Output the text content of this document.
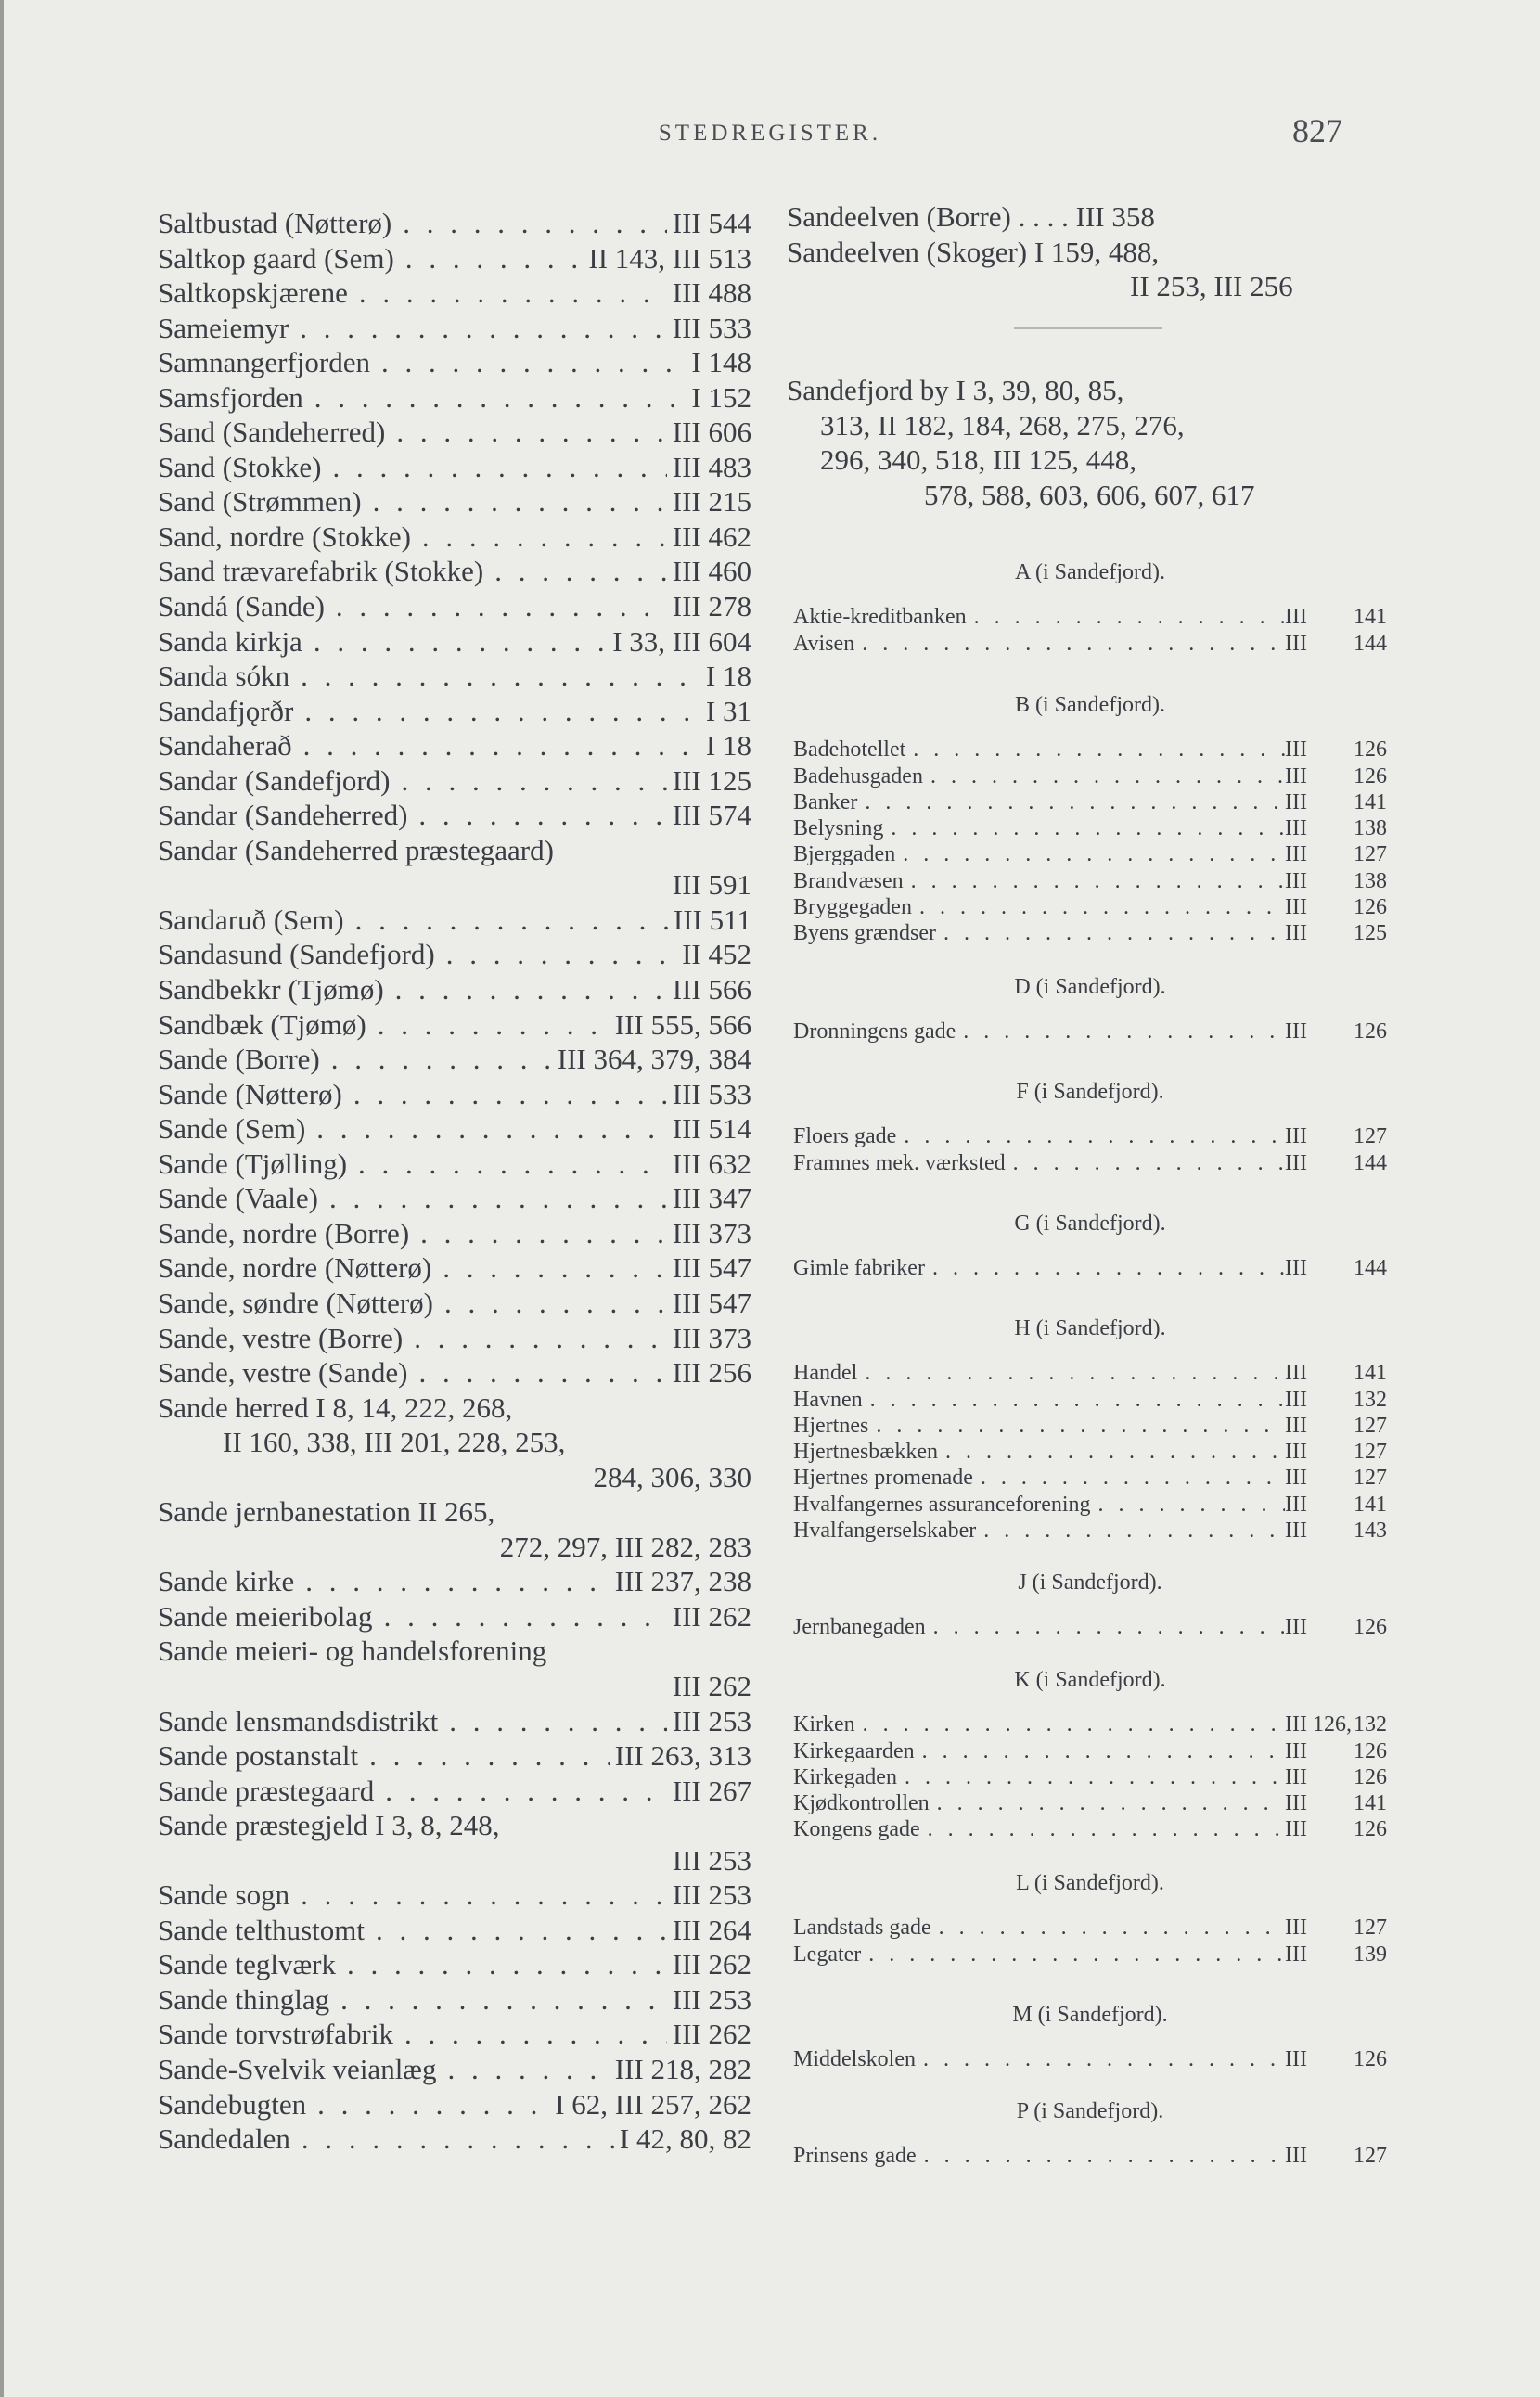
STEDREGISTER.	827
Saltbustad (Nøtterø) . . .	III 544
Saltkop gaard (Sem) . . .	II 143, III 513
Saltkopskjærene . . .	III 488
Sameiemyr . . .	III 533
Samnangerfjorden . . .	I 148
Samsfjorden . . .	I 152
Sand (Sandeherred) . . .	III 606
Sand (Stokke) . . .	III 483
Sand (Strømmen) . . .	III 215
Sand, nordre (Stokke) . . .	III 462
Sand trævarefabrik (Stokke) . . .	III 460
Sandá (Sande) . . .	III 278
Sanda kirkja . . .	I 33, III 604
Sanda sókn . . .	I 18
Sandafjǫrðr . . .	I 31
Sandaherað . . .	I 18
Sandar (Sandefjord) . . .	III 125
Sandar (Sandeherred) . . .	III 574
Sandar (Sandeherred præstegaard)
III 591
Sandaruð (Sem) . . .	III 511
Sandasund (Sandefjord) . . .	II 452
Sandbekkr (Tjømø) . . .	III 566
Sandbæk (Tjømø) . . .	III 555, 566
Sande (Borre) . . .	III 364, 379, 384
Sande (Nøtterø) . . .	III 533
Sande (Sem) . . .	III 514
Sande (Tjølling) . . .	III 632
Sande (Vaale) . . .	III 347
Sande, nordre (Borre) . . .	III 373
Sande, nordre (Nøtterø) . . .	III 547
Sande, søndre (Nøtterø) . . .	III 547
Sande, vestre (Borre) . . .	III 373
Sande, vestre (Sande) . . .	III 256
Sande herred I 8, 14, 222, 268,
II 160, 338, III 201, 228, 253,
284, 306, 330
Sande jernbanestation II 265,
272, 297, III 282, 283
Sande kirke . . .	III 237, 238
Sande meieribolag . . .	III 262
Sande meieri- og handelsforening
III 262
Sande lensmandsdistrikt . . .	III 253
Sande postanstalt . . .	III 263, 313
Sande præstegaard . . .	III 267
Sande præstegjeld I 3, 8, 248,
III 253
Sande sogn . . .	III 253
Sande telthustomt . . .	III 264
Sande teglværk . . .	III 262
Sande thinglag . . .	III 253
Sande torvstrøfabrik . . .	III 262
Sande-Svelvik veianlæg . . .	III 218, 282
Sandebugten . . .	I 62, III 257, 262
Sandedalen . . .	I 42, 80, 82
Sandeelven (Borre) . . . . III 358
Sandeelven (Skoger) I 159, 488,
II 253, III 256
Sandefjord by I 3, 39, 80, 85,
313, II 182, 184, 268, 275, 276,
296, 340, 518, III 125, 448,
578, 588, 603, 606, 607, 617
A (i Sandefjord).
Aktie-kreditbanken . . .	III	141
Avisen . . .	III	144
B (i Sandefjord).
Badehotellet . . .	III	126
Badehusgaden . . .	III	126
Banker . . .	III	141
Belysning . . .	III	138
Bjerggaden . . .	III	127
Brandvæsen . . .	III	138
Bryggegaden . . .	III	126
Byens grændser . . .	III	125
D (i Sandefjord).
Dronningens gade . . .	III	126
F (i Sandefjord).
Floers gade . . .	III	127
Framnes mek. værksted . . .	III	144
G (i Sandefjord).
Gimle fabriker . . .	III	144
H (i Sandefjord).
Handel . . .	III	141
Havnen . . .	III	132
Hjertnes . . .	III	127
Hjertnesbækken . . .	III	127
Hjertnes promenade . . .	III	127
Hvalfangernes assuranceforening . . .	III	141
Hvalfangerselskaber . . .	III	143
J (i Sandefjord).
Jernbanegaden . . .	III	126
K (i Sandefjord).
Kirken . . .	III 126, 132
Kirkegaarden . . .	III	126
Kirkegaden . . .	III	126
Kjødkontrollen . . .	III	141
Kongens gade . . .	III	126
L (i Sandefjord).
Landstads gade . . .	III	127
Legater . . .	III	139
M (i Sandefjord).
Middelskolen . . .	III	126
P (i Sandefjord).
Prinsens gade . . .	III	127
